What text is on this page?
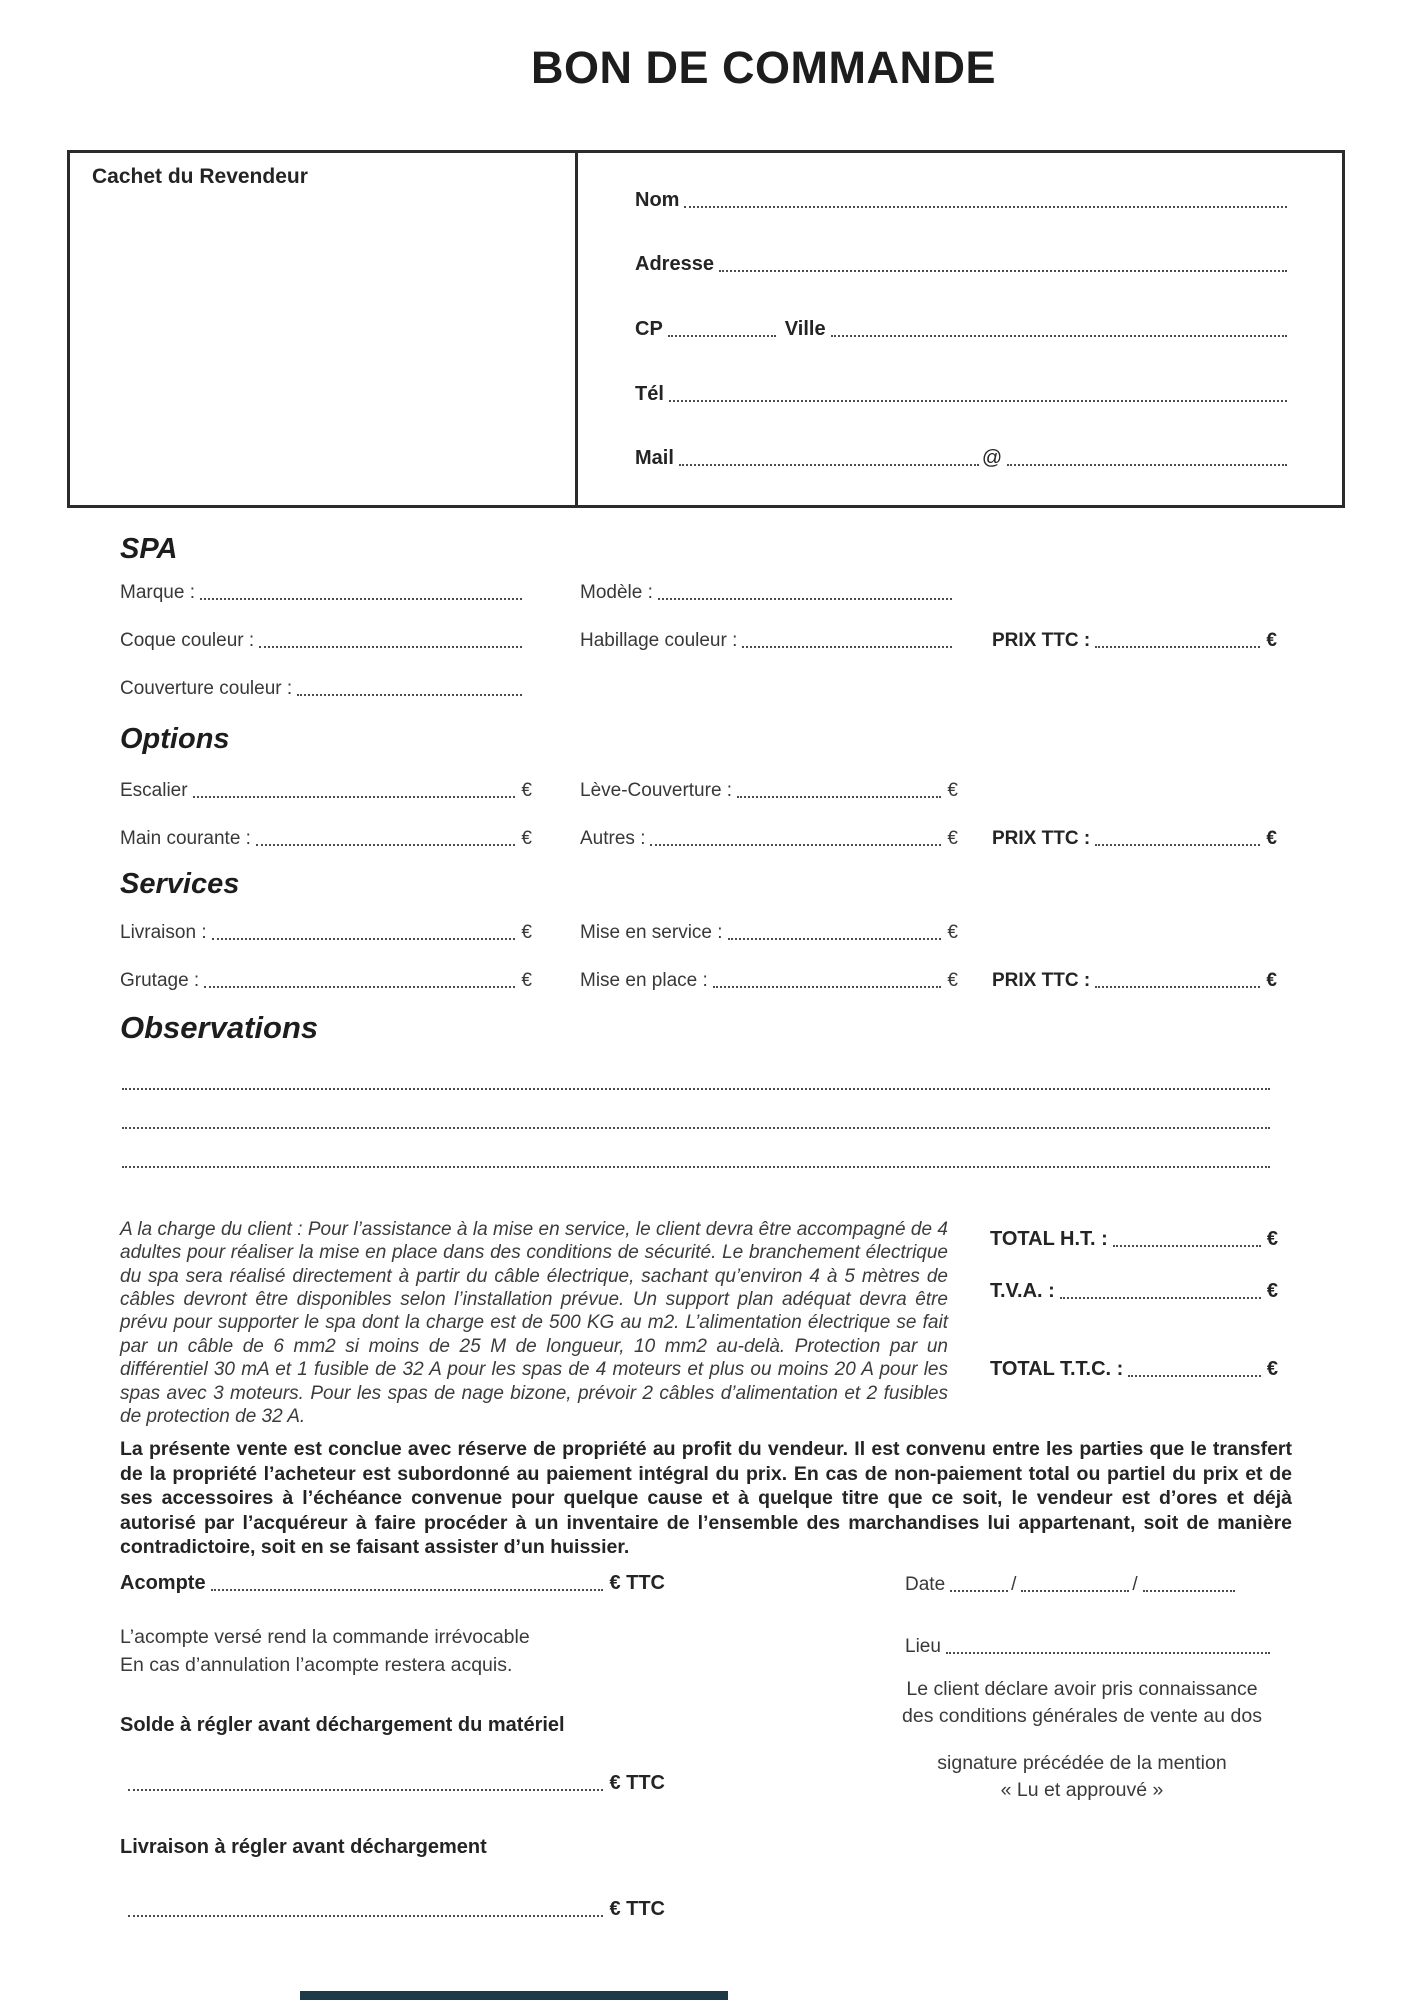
BON DE COMMANDE
Cachet du Revendeur
Nom
Adresse
CP	Ville
Tél
Mail	@
SPA
Marque :	Modèle :
Coque couleur :	Habillage couleur :	PRIX TTC :	€
Couverture couleur :
Options
Escalier	€	Lève-Couverture :	€
Main courante :	€	Autres :	€ PRIX TTC :	€
Services
Livraison :	€	Mise en service :	€
Grutage :	€	Mise en place :	€ PRIX TTC :	€
Observations
A la charge du client : Pour l’assistance à la mise en service, le client devra être accompagné de 4 adultes pour réaliser la mise en place dans des conditions de sécurité. Le branchement électrique du spa sera réalisé directement à partir du câble électrique, sachant qu’environ 4 à 5 mètres de câbles devront être disponibles selon l’installation prévue. Un support plan adéquat devra être prévu pour supporter le spa dont la charge est de 500 KG au m2. L’alimentation électrique se fait par un câble de 6 mm2 si moins de 25 M de longueur, 10 mm2 au-delà. Protection par un différentiel 30 mA et 1 fusible de 32 A pour les spas de 4 moteurs et plus ou moins 20 A pour les spas avec 3 moteurs. Pour les spas de nage bizone, prévoir 2 câbles d’alimentation et 2 fusibles de protection de 32 A.
TOTAL H.T. :	€
T.V.A. :	€
TOTAL T.T.C. :	€
La présente vente est conclue avec réserve de propriété au profit du vendeur. Il est convenu entre les parties que le transfert de la propriété l’acheteur est subordonné au paiement intégral du prix. En cas de non-paiement total ou partiel du prix et de ses accessoires à l’échéance convenue pour quelque cause et à quelque titre que ce soit, le vendeur est d’ores et déjà autorisé par l’acquéreur à faire procéder à un inventaire de l’ensemble des marchandises lui appartenant, soit de manière contradictoire, soit en se faisant assister d’un huissier.
Acompte	€ TTC	Date	/	/
L’acompte versé rend la commande irrévocable
En cas d’annulation l’acompte restera acquis.
Lieu
Le client déclare avoir pris connaissance
des conditions générales de vente au dos
Solde à régler avant déchargement du matériel
signature précédée de la mention
« Lu et approuvé »
€ TTC
Livraison à régler avant déchargement
€ TTC
